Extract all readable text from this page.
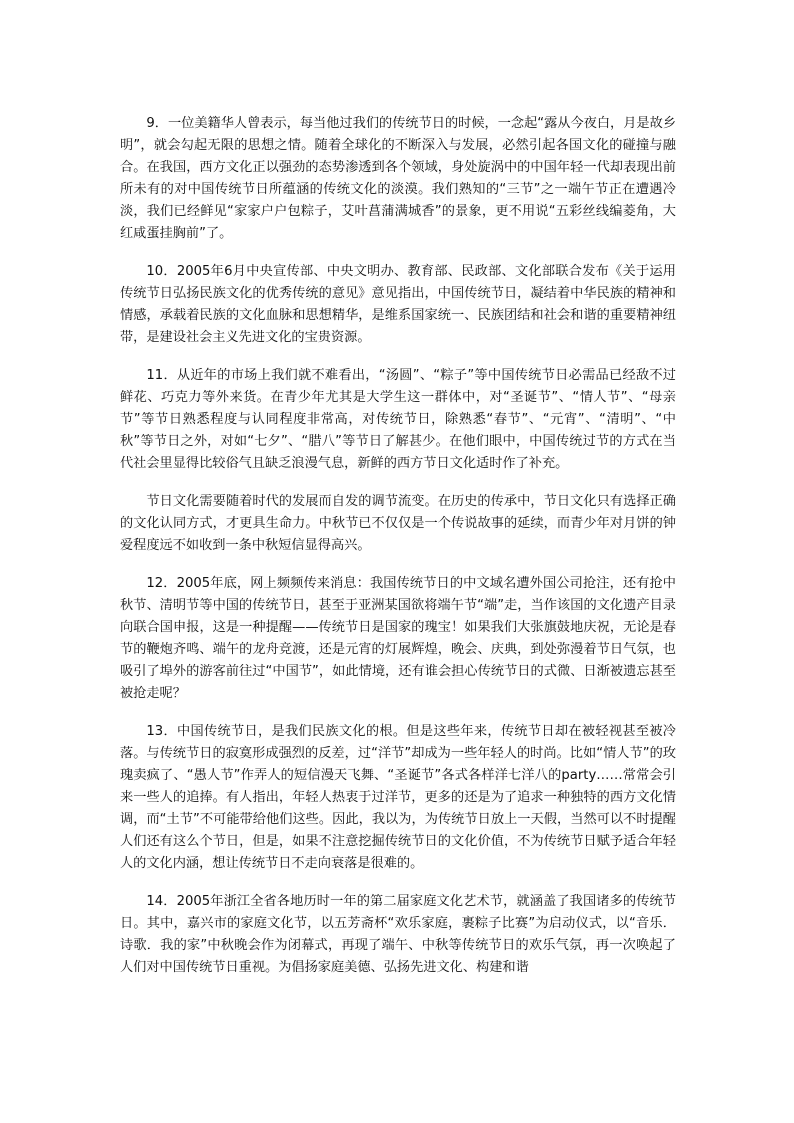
9．一位美籍华人曾表示，每当他过我们的传统节日的时候，一念起“露从今夜白，月是故乡明”，就会勾起无限的思想之情。随着全球化的不断深入与发展，必然引起各国文化的碰撞与融合。在我国，西方文化正以强劲的态势渗透到各个领域，身处旋涡中的中国年轻一代却表现出前所未有的对中国传统节日所蕴涵的传统文化的淡漠。我们熟知的“三节”之一端午节正在遭遇冷淡，我们已经鲜见“家家户户包粽子，艾叶菖蒲满城香”的景象，更不用说“五彩丝线编菱角，大红咸蛋挂胸前”了。

10．2005年6月中央宣传部、中央文明办、教育部、民政部、文化部联合发布《关于运用传统节日弘扬民族文化的优秀传统的意见》意见指出，中国传统节日，凝结着中华民族的精神和情感，承载着民族的文化血脉和思想精华，是维系国家统一、民族团结和社会和谐的重要精神纽带，是建设社会主义先进文化的宝贵资源。

11．从近年的市场上我们就不难看出，“汤圆”、“粽子”等中国传统节日必需品已经敌不过鲜花、巧克力等外来货。在青少年尤其是大学生这一群体中，对“圣诞节”、“情人节”、“母亲节”等节日熟悉程度与认同程度非常高，对传统节日，除熟悉“春节”、“元宵”、“清明”、“中秋”等节日之外，对如“七夕”、“腊八”等节日了解甚少。在他们眼中，中国传统过节的方式在当代社会里显得比较俗气且缺乏浪漫气息，新鲜的西方节日文化适时作了补充。

节日文化需要随着时代的发展而自发的调节流变。在历史的传承中，节日文化只有选择正确的文化认同方式，才更具生命力。中秋节已不仅仅是一个传说故事的延续，而青少年对月饼的钟爱程度远不如收到一条中秋短信显得高兴。

12．2005年底，网上频频传来消息：我国传统节日的中文域名遭外国公司抢注，还有抢中秋节、清明节等中国的传统节日，甚至于亚洲某国欲将端午节“端”走，当作该国的文化遗产目录向联合国申报，这是一种提醒——传统节日是国家的瑰宝！如果我们大张旗鼓地庆祝，无论是春节的鞭炮齐鸣、端午的龙舟竞渡，还是元宵的灯展辉煌，晚会、庆典，到处弥漫着节日气氛，也吸引了埠外的游客前往过“中国节”，如此情境，还有谁会担心传统节日的式微、日渐被遗忘甚至被抢走呢？

13．中国传统节日，是我们民族文化的根。但是这些年来，传统节日却在被轻视甚至被冷落。与传统节日的寂寞形成强烈的反差，过“洋节”却成为一些年轻人的时尚。比如“情人节”的玫瑰卖疯了、“愚人节”作弄人的短信漫天飞舞、“圣诞节”各式各样洋七洋八的party……常常会引来一些人的追捧。有人指出，年轻人热衷于过洋节，更多的还是为了追求一种独特的西方文化情调，而“土节”不可能带给他们这些。因此，我以为，为传统节日放上一天假，当然可以不时提醒人们还有这么个节日，但是，如果不注意挖掘传统节日的文化价值，不为传统节日赋予适合年轻人的文化内涵，想让传统节日不走向衰落是很难的。

14．2005年浙江全省各地历时一年的第二届家庭文化艺术节，就涵盖了我国诸多的传统节日。其中，嘉兴市的家庭文化节，以五芳斋杯“欢乐家庭，裹粽子比赛”为启动仪式，以“音乐．诗歌．我的家”中秋晚会作为闭幕式，再现了端午、中秋等传统节日的欢乐气氛，再一次唤起了人们对中国传统节日重视。为倡扬家庭美德、弘扬先进文化、构建和谐
